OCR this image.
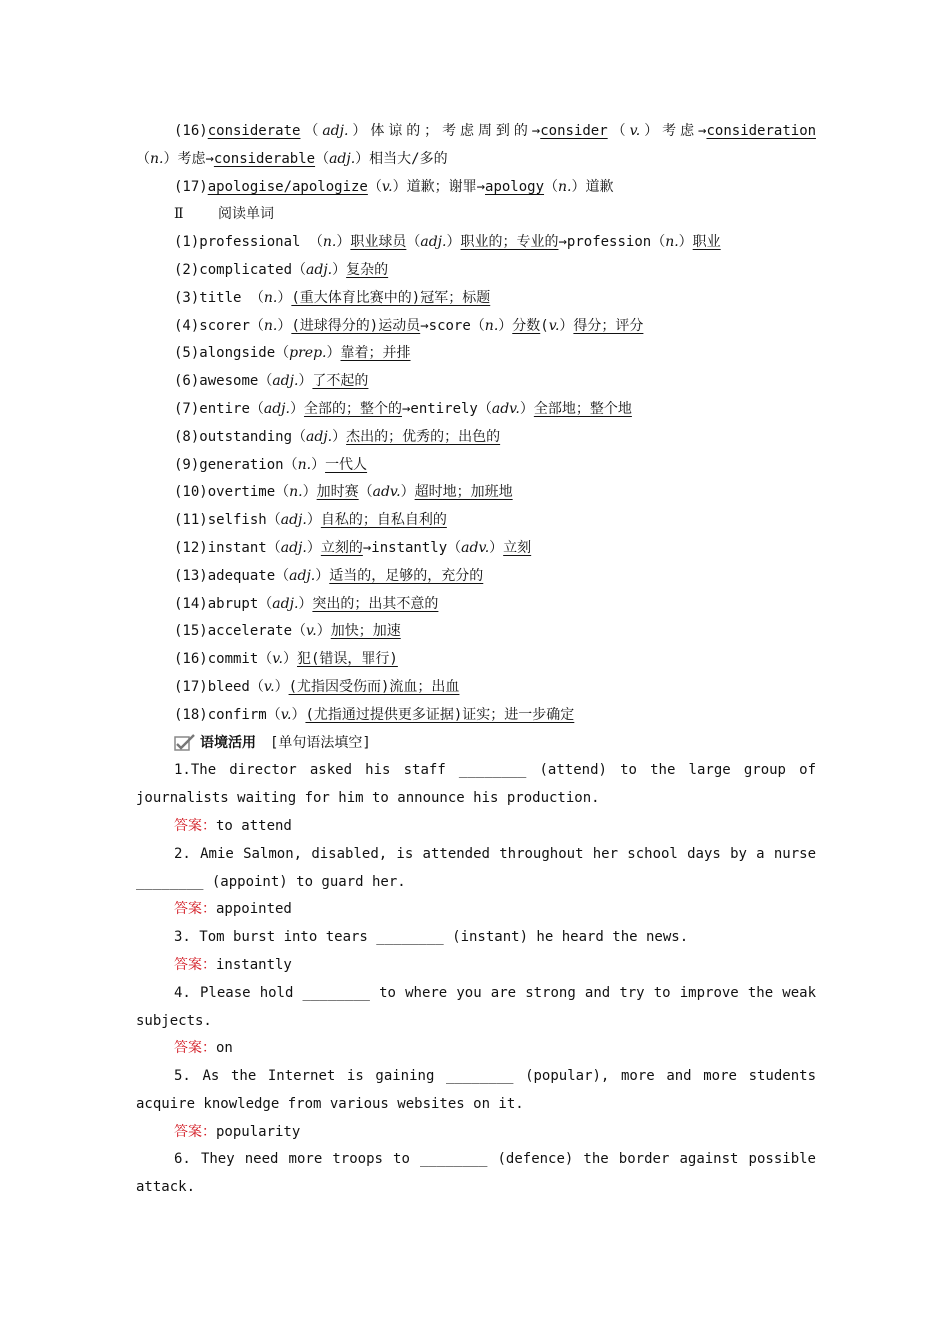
(16)considerate（adj.）体谅的；考虑周到的→consider（v.）考虑→consideration
（n.）考虑→considerable（adj.）相当大/多的
(17)apologise/apologize（v.）道歉；谢罪→apology（n.）道歉
Ⅱ 阅读单词
(1)professional （n.）职业球员（adj.）职业的；专业的→profession（n.）职业
(2)complicated（adj.）复杂的
(3)title （n.）(重大体育比赛中的)冠军；标题
(4)scorer（n.）(进球得分的)运动员→score（n.）分数(v.）得分；评分
(5)alongside（prep.）靠着；并排
(6)awesome（adj.）了不起的
(7)entire（adj.）全部的；整个的→entirely（adv.）全部地；整个地
(8)outstanding（adj.）杰出的；优秀的；出色的
(9)generation（n.）一代人
(10)overtime（n.）加时赛（adv.）超时地；加班地
(11)selfish（adj.）自私的；自私自利的
(12)instant（adj.）立刻的→instantly（adv.）立刻
(13)adequate（adj.）适当的，足够的，充分的
(14)abrupt（adj.）突出的；出其不意的
(15)accelerate（v.）加快；加速
(16)commit（v.）犯(错误，罪行)
(17)bleed（v.）(尤指因受伤而)流血；出血
(18)confirm（v.）(尤指通过提供更多证据)证实；进一步确定
语境活用 [单句语法填空]
1.The director asked his staff ________ (attend) to the large group of
journalists waiting for him to announce his production.
答案：to attend
2. Amie Salmon, disabled, is attended throughout her school days by a nurse
________ (appoint) to guard her.
答案：appointed
3. Tom burst into tears ________ (instant) he heard the news.
答案：instantly
4. Please hold ________ to where you are strong and try to improve the weak
subjects.
答案：on
5. As the Internet is gaining ________ (popular), more and more students
acquire knowledge from various websites on it.
答案：popularity
6. They need more troops to ________ (defence) the border against possible
attack.
